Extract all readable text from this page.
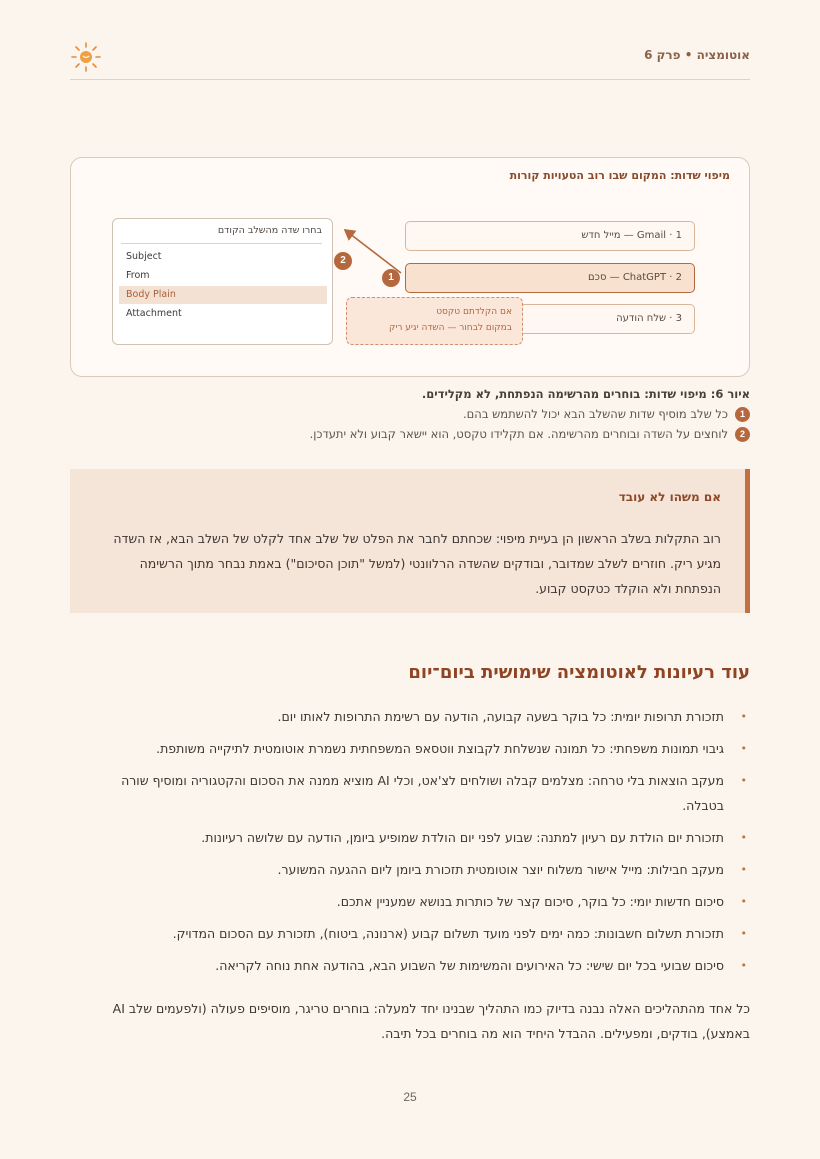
אוטומציה • פרק 6
מיפוי שדות: המקום שבו רוב הטעויות קורות
1 · Gmail — מייל חדש
2 · ChatGPT — סכם
3 · שלח הודעה
בחרו שדה מהשלב הקודם
Subject
From
Body Plain
Attachment	אם הקלדתם טקסט
במקום לבחור — השדה יגיע ריק
1
2
איור 6: מיפוי שדות: בוחרים מהרשימה הנפתחת, לא מקלידים.
1
כל שלב מוסיף שדות שהשלב הבא יכול להשתמש בהם.
2
לוחצים על השדה ובוחרים מהרשימה. אם תקלידו טקסט, הוא יישאר קבוע ולא יתעדכן.
אם משהו לא עובד
רוב התקלות בשלב הראשון הן בעיית מיפוי: שכחתם לחבר את הפלט של שלב אחד לקלט של השלב הבא, אז השדה מגיע ריק. חוזרים לשלב שמדובר, ובודקים שהשדה הרלוונטי (למשל "תוכן הסיכום") באמת נבחר מתוך הרשימה הנפתחת ולא הוקלד כטקסט קבוע.
עוד רעיונות לאוטומציה שימושית ביום־יום
•
תזכורת תרופות יומית: כל בוקר בשעה קבועה, הודעה עם רשימת התרופות לאותו יום.
•
גיבוי תמונות משפחתי: כל תמונה שנשלחת לקבוצת ווטסאפ המשפחתית נשמרת אוטומטית לתיקייה משותפת.
•
מעקב הוצאות בלי טרחה: מצלמים קבלה ושולחים לצ'אט, וכלי AI מוציא ממנה את הסכום והקטגוריה ומוסיף שורה בטבלה.
•
תזכורת יום הולדת עם רעיון למתנה: שבוע לפני יום הולדת שמופיע ביומן, הודעה עם שלושה רעיונות.
•
מעקב חבילות: מייל אישור משלוח יוצר אוטומטית תזכורת ביומן ליום ההגעה המשוער.
•
סיכום חדשות יומי: כל בוקר, סיכום קצר של כותרות בנושא שמעניין אתכם.
•
תזכורת תשלום חשבונות: כמה ימים לפני מועד תשלום קבוע (ארנונה, ביטוח), תזכורת עם הסכום המדויק.
•
סיכום שבועי בכל יום שישי: כל האירועים והמשימות של השבוע הבא, בהודעה אחת נוחה לקריאה.

כל אחד מהתהליכים האלה נבנה בדיוק כמו התהליך שבנינו יחד למעלה: בוחרים טריגר, מוסיפים פעולה (ולפעמים שלב AI באמצע), בודקים, ומפעילים. ההבדל היחיד הוא מה בוחרים בכל תיבה.

25
